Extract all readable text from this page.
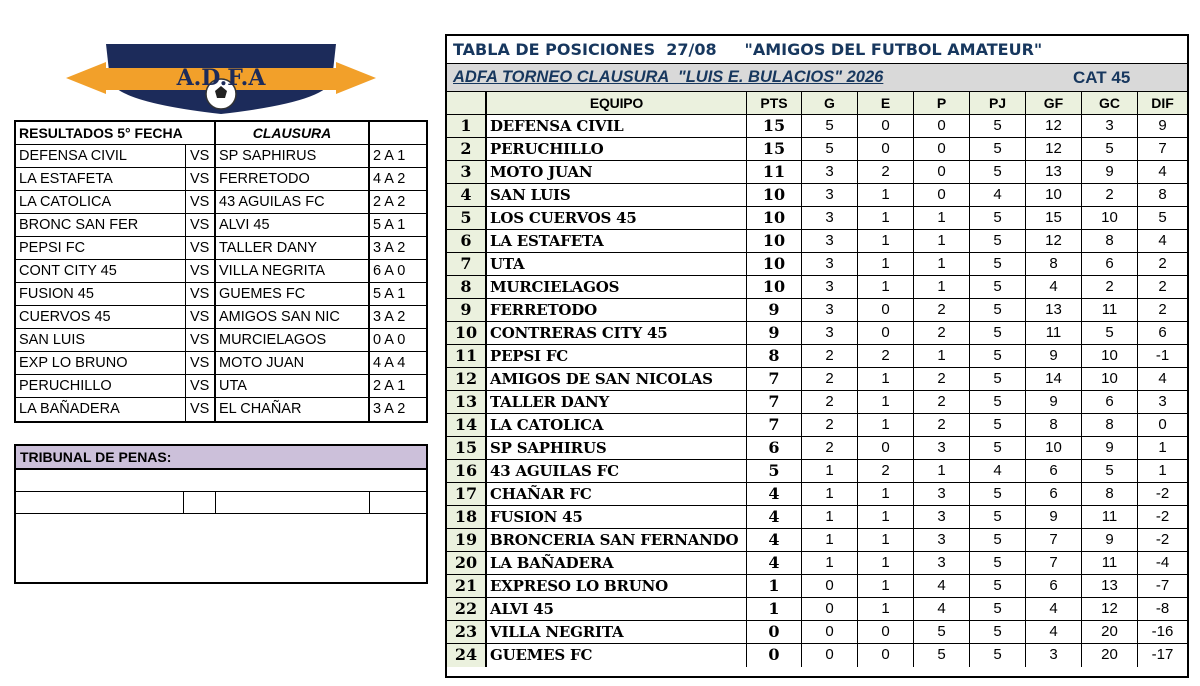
A.D.F.A
RESULTADOS 5° FECHA	CLAUSURA
DEFENSA CIVIL	VS SP SAPHIRUS	2 A 1
LA ESTAFETA	VS FERRETODO	4 A 2
LA CATOLICA	VS 43 AGUILAS FC	2 A 2
BRONC SAN FER	VS ALVI 45	5 A 1
PEPSI FC	VS TALLER DANY	3 A 2
CONT CITY 45	VS VILLA NEGRITA	6 A 0
FUSION 45	VS GUEMES FC	5 A 1
CUERVOS 45	VS AMIGOS SAN NIC	3 A 2
SAN LUIS	VS MURCIELAGOS	0 A 0
EXP LO BRUNO	VS MOTO JUAN	4 A 4
PERUCHILLO	VS UTA	2 A 1
LA BAÑADERA	VS EL CHAÑAR	3 A 2
TRIBUNAL DE PENAS:
TABLA DE POSICIONES  27/08     "AMIGOS DEL FUTBOL AMATEUR"
ADFA TORNEO CLAUSURA  "LUIS E. BULACIOS" 2026	CAT 45
EQUIPO	PTS	G	E	P	PJ	GF	GC	DIF
1	DEFENSA CIVIL	15	5	0	0	5	12	3	9
2	PERUCHILLO	15	5	0	0	5	12	5	7
3	MOTO JUAN	11	3	2	0	5	13	9	4
4	SAN LUIS	10	3	1	0	4	10	2	8
5	LOS CUERVOS 45	10	3	1	1	5	15	10	5
6	LA ESTAFETA	10	3	1	1	5	12	8	4
7	UTA	10	3	1	1	5	8	6	2
8	MURCIELAGOS	10	3	1	1	5	4	2	2
9	FERRETODO	9	3	0	2	5	13	11	2
10 CONTRERAS CITY 45	9	3	0	2	5	11	5	6
11 PEPSI FC	8	2	2	1	5	9	10	-1
12 AMIGOS DE SAN NICOLAS	7	2	1	2	5	14	10	4
13 TALLER DANY	7	2	1	2	5	9	6	3
14 LA CATOLICA	7	2	1	2	5	8	8	0
15 SP SAPHIRUS	6	2	0	3	5	10	9	1
16 43 AGUILAS FC	5	1	2	1	4	6	5	1
17 CHAÑAR FC	4	1	1	3	5	6	8	-2
18 FUSION 45	4	1	1	3	5	9	11	-2
19 BRONCERIA SAN FERNANDO	4	1	1	3	5	7	9	-2
20 LA BAÑADERA	4	1	1	3	5	7	11	-4
21 EXPRESO LO BRUNO	1	0	1	4	5	6	13	-7
22 ALVI 45	1	0	1	4	5	4	12	-8
23 VILLA NEGRITA	0	0	0	5	5	4	20	-16
24 GUEMES FC	0	0	0	5	5	3	20	-17
